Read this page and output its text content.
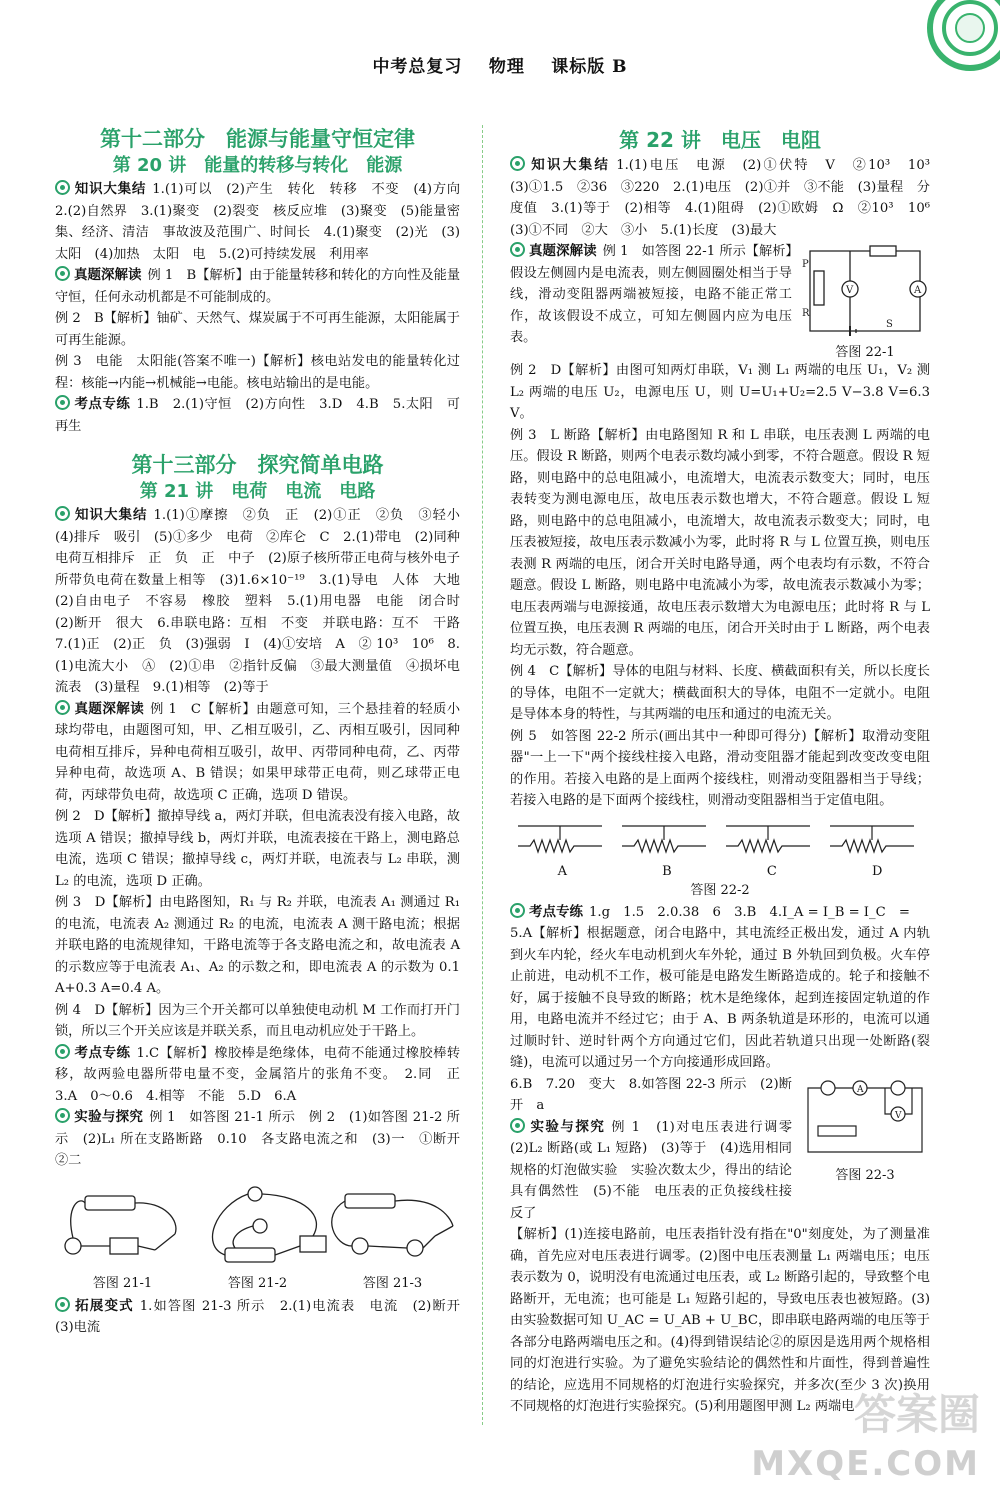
中考总复习 物理 课标版 B
第十二部分　能源与能量守恒定律
第 20 讲　能量的转移与转化　能源

知识大集结 1.(1)可以　(2)产生　转化　转移　不变　(4)方向　2.(2)自然界　3.(1)聚变　(2)裂变　核反应堆　(3)聚变　(5)能量密集、经济、清洁　事故波及范围广、时间长　4.(1)聚变　(2)光　(3)太阳　(4)加热　太阳　电　5.(2)可持续发展　利用率

真题深解读 例 1　B【解析】由于能量转移和转化的方向性及能量守恒，任何永动机都是不可能制成的。

例 2　B【解析】铀矿、天然气、煤炭属于不可再生能源，太阳能属于可再生能源。

例 3　电能　太阳能(答案不唯一)【解析】核电站发电的能量转化过程：核能→内能→机械能→电能。核电站输出的是电能。

考点专练 1.B　2.(1)守恒　(2)方向性　3.D　4.B　5.太阳　可再生

第十三部分　探究简单电路
第 21 讲　电荷　电流　电路

知识大集结 1.(1)①摩擦　②负　正　(2)①正　②负　③轻小　(4)排斥　吸引　(5)①多少　电荷　②库仑　C　2.(1)带电　(2)同种电荷互相排斥　正　负　正　中子　(2)原子核所带正电荷与核外电子所带负电荷在数量上相等　(3)1.6×10⁻¹⁹　3.(1)导电　人体　大地　(2)自由电子　不容易　橡胶　塑料　5.(1)用电器　电能　闭合时　(2)断开　很大　6.串联电路：互相　不变　并联电路：互不　干路　7.(1)正　(2)正　负　(3)强弱　I　(4)①安培　A　② 10³　10⁶　8.(1)电流大小　Ⓐ　(2)①串　②指针反偏　③最大测量值　④损坏电流表　(3)量程　9.(1)相等　(2)等于

真题深解读 例 1　C【解析】由题意可知，三个悬挂着的轻质小球均带电，由题图可知，甲、乙相互吸引，乙、丙相互吸引，因同种电荷相互排斥，异种电荷相互吸引，故甲、丙带同种电荷，乙、丙带异种电荷，故选项 A、B 错误；如果甲球带正电荷，则乙球带正电荷，丙球带负电荷，故选项 C 正确，选项 D 错误。

例 2　D【解析】撤掉导线 a，两灯并联，但电流表没有接入电路，故选项 A 错误；撤掉导线 b，两灯并联，电流表接在干路上，测电路总电流，选项 C 错误；撤掉导线 c，两灯并联，电流表与 L₂ 串联，测 L₂ 的电流，选项 D 正确。

例 3　D【解析】由电路图知，R₁ 与 R₂ 并联，电流表 A₁ 测通过 R₁ 的电流，电流表 A₂ 测通过 R₂ 的电流，电流表 A 测干路电流；根据并联电路的电流规律知，干路电流等于各支路电流之和，故电流表 A 的示数应等于电流表 A₁、A₂ 的示数之和，即电流表 A 的示数为 0.1 A+0.3 A=0.4 A。

例 4　D【解析】因为三个开关都可以单独使电动机 M 工作而打开门锁，所以三个开关应该是并联关系，而且电动机应处于干路上。

考点专练 1.C【解析】橡胶棒是绝缘体，电荷不能通过橡胶棒转移，故两验电器所带电量不变，金属箔片的张角不变。　2.同　正　3.A　0～0.6　4.相等　不能　5.D　6.A

实验与探究 例 1　如答图 21-1 所示　例 2　(1)如答图 21-2 所示　(2)L₁ 所在支路断路　0.10　各支路电流之和　(3)一　①断开　②二

答图 21-1	答图 21-2	答图 21-3

拓展变式 1.如答图 21-3 所示　2.(1)电流表　电流　(2)断开　(3)电流

第 22 讲　电压　电阻

知识大集结 1.(1)电压　电源　(2)①伏特　V　②10³　10³　(3)①1.5　②36　③220　2.(1)电压　(2)①并　③不能　(3)量程　分度值　3.(1)等于　(2)相等　4.(1)阻碍　(2)①欧姆　Ω　②10³　10⁶　(3)①不同　②大　③小　5.(1)长度　(3)最大

真题深解读 例 1　如答图 22-1 所示【解析】假设左侧圆内是电流表，则左侧圆圈处相当于导线，滑动变阻器两端被短接，电路不能正常工作，故该假设不成立，可知左侧圆内应为电压表。

V	A
P
R
S
答图 22-1

例 2　D【解析】由图可知两灯串联，V₁ 测 L₁ 两端的电压 U₁，V₂ 测 L₂ 两端的电压 U₂，电源电压 U，则 U=U₁+U₂=2.5 V−3.8 V=6.3 V。

例 3　L 断路【解析】由电路图知 R 和 L 串联，电压表测 L 两端的电压。假设 R 断路，则两个电表示数均减小到零，不符合题意。假设 R 短路，则电路中的总电阻减小，电流增大，电流表示数变大；同时，电压表转变为测电源电压，故电压表示数也增大，不符合题意。假设 L 短路，则电路中的总电阻减小，电流增大，故电流表示数变大；同时，电压表被短接，故电压表示数减小为零，此时将 R 与 L 位置互换，则电压表测 R 两端的电压，闭合开关时电路导通，两个电表均有示数，不符合题意。假设 L 断路，则电路中电流减小为零，故电流表示数减小为零；电压表两端与电源接通，故电压表示数增大为电源电压；此时将 R 与 L 位置互换，电压表测 R 两端的电压，闭合开关时由于 L 断路，两个电表均无示数，符合题意。

例 4　C【解析】导体的电阻与材料、长度、横截面积有关，所以长度长的导体，电阻不一定就大；横截面积大的导体，电阻不一定就小。电阻是导体本身的特性，与其两端的电压和通过的电流无关。

例 5　如答图 22-2 所示(画出其中一种即可得分)【解析】取滑动变阻器"一上一下"两个接线柱接入电路，滑动变阻器才能起到改变改变电阻的作用。若接入电路的是上面两个接线柱，则滑动变阻器相当于导线；若接入电路的是下面两个接线柱，则滑动变阻器相当于定值电阻。

A	B	C	D
答图 22-2

考点专练 1.g　1.5　2.0.38　6　3.B　4.I_A = I_B = I_C　=

5.A【解析】根据题意，闭合电路中，其电流经正极出发，通过 A 内轨到火车内轮，经火车电动机到火车外轮，通过 B 外轨回到负极。火车停止前进，电动机不工作，极可能是电路发生断路造成的。轮子和接触不好，属于接触不良导致的断路；枕木是绝缘体，起到连接固定轨道的作用，电路电流并不经过它；由于 A、B 两条轨道是环形的，电流可以通过顺时针、逆时针两个方向通过它们，因此若轨道只出现一处断路(裂缝)，电流可以通过另一个方向接通形成回路。

6.B　7.20　变大　8.如答图 22-3 所示　(2)断开　a

实验与探究 例 1　(1)对电压表进行调零　(2)L₂ 断路(或 L₁ 短路)　(3)等于　(4)选用相同规格的灯泡做实验　实验次数太少，得出的结论具有偶然性　(5)不能　电压表的正负接线柱接反了

A
V
答图 22-3

【解析】(1)连接电路前，电压表指针没有指在"0"刻度处，为了测量准确，首先应对电压表进行调零。(2)图中电压表测量 L₁ 两端电压；电压表示数为 0，说明没有电流通过电压表，或 L₂ 断路引起的，导致整个电路断开，无电流；也可能是 L₁ 短路引起的，导致电压表也被短路。(3)由实验数据可知 U_AC = U_AB + U_BC，即串联电路两端的电压等于各部分电路两端电压之和。(4)得到错误结论②的原因是选用两个规格相同的灯泡进行实验。为了避免实验结论的偶然性和片面性，得到普遍性的结论，应选用不同规格的灯泡进行实验探究，并多次(至少 3 次)换用不同规格的灯泡进行实验探究。(5)利用题图甲测 L₂ 两端电 答案圈
MXQE.COM
